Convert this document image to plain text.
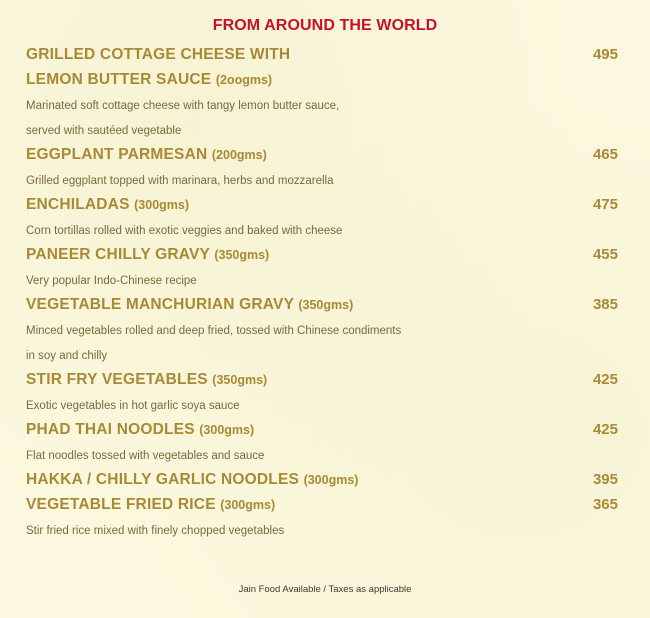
FROM AROUND THE WORLD
GRILLED COTTAGE CHEESE WITH	495
LEMON BUTTER SAUCE (2oogms)
Marinated soft cottage cheese with tangy lemon butter sauce,
served with sautéed vegetable
EGGPLANT PARMESAN (200gms)	465
Grilled eggplant topped with marinara, herbs and mozzarella
ENCHILADAS (300gms)	475
Corn tortillas rolled with exotic veggies and baked with cheese
PANEER CHILLY GRAVY (350gms)	455
Very popular Indo-Chinese recipe
VEGETABLE MANCHURIAN GRAVY (350gms)	385
Minced vegetables rolled and deep fried, tossed with Chinese condiments
in soy and chilly
STIR FRY VEGETABLES (350gms)	425
Exotic vegetables in hot garlic soya sauce
PHAD THAI NOODLES (300gms)	425
Flat noodles tossed with vegetables and sauce
HAKKA / CHILLY GARLIC NOODLES (300gms)	395
VEGETABLE FRIED RICE (300gms)	365
Stir fried rice mixed with finely chopped vegetables
Jain Food Available / Taxes as applicable
